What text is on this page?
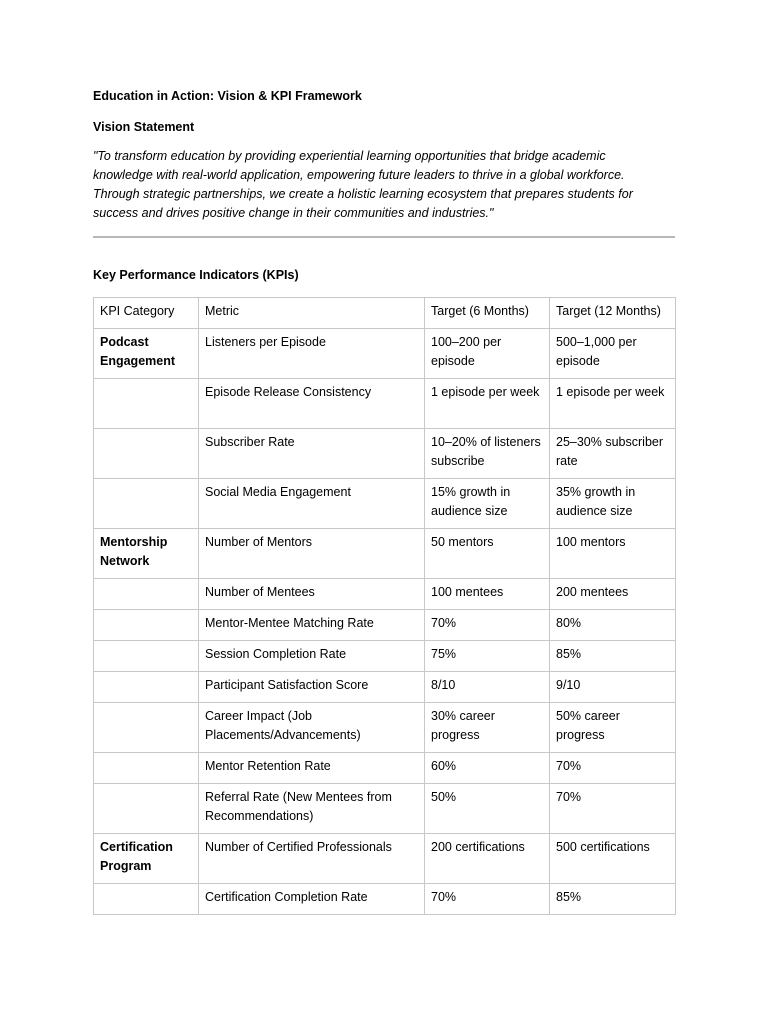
Education in Action: Vision & KPI Framework

Vision Statement

"To transform education by providing experiential learning opportunities that bridge academic
knowledge with real-world application, empowering future leaders to thrive in a global workforce.
Through strategic partnerships, we create a holistic learning ecosystem that prepares students for
success and drives positive change in their communities and industries."

Key Performance Indicators (KPIs)

KPI Category	Metric	Target (6 Months)	Target (12 Months)
Podcast Engagement	Listeners per Episode	100–200 per episode	500–1,000 per episode
	Episode Release Consistency	1 episode per week	1 episode per week
	Subscriber Rate	10–20% of listeners subscribe	25–30% subscriber rate
	Social Media Engagement	15% growth in audience size	35% growth in audience size
Mentorship Network	Number of Mentors	50 mentors	100 mentors
	Number of Mentees	100 mentees	200 mentees
	Mentor-Mentee Matching Rate	70%	80%
	Session Completion Rate	75%	85%
	Participant Satisfaction Score	8/10	9/10
	Career Impact (Job Placements/Advancements)	30% career progress	50% career progress
	Mentor Retention Rate	60%	70%
	Referral Rate (New Mentees from Recommendations)	50%	70%
Certification Program	Number of Certified Professionals	200 certifications	500 certifications
	Certification Completion Rate	70%	85%
